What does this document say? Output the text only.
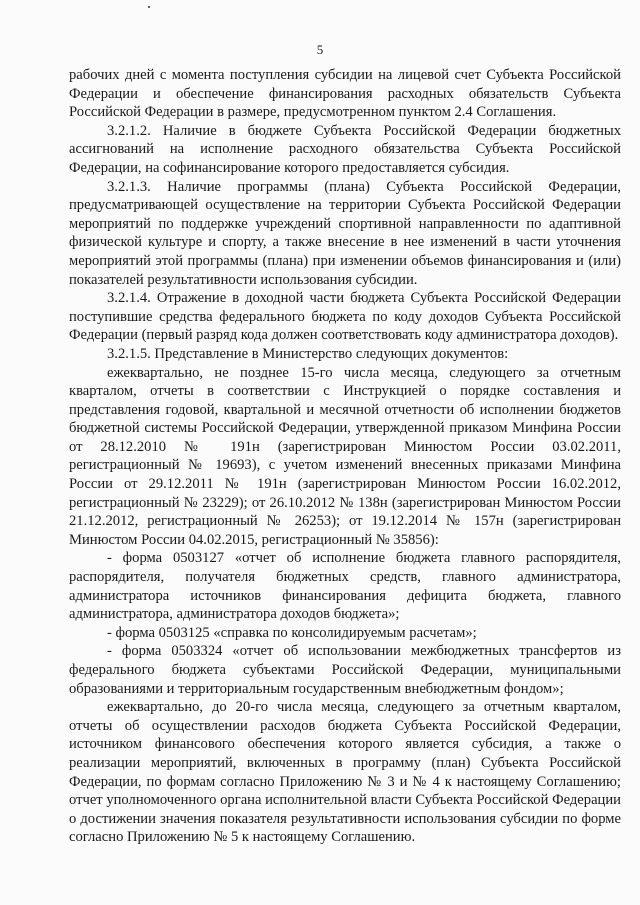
5

рабочих дней с момента поступления субсидии на лицевой счет Субъекта Российской Федерации и обеспечение финансирования расходных обязательств Субъекта Российской Федерации в размере, предусмотренном пунктом 2.4 Соглашения.

3.2.1.2. Наличие в бюджете Субъекта Российской Федерации бюджетных ассигнований на исполнение расходного обязательства Субъекта Российской Федерации, на софинансирование которого предоставляется субсидия.

3.2.1.3. Наличие программы (плана) Субъекта Российской Федерации, предусматривающей осуществление на территории Субъекта Российской Федерации мероприятий по поддержке учреждений спортивной направленности по адаптивной физической культуре и спорту, а также внесение в нее изменений в части уточнения мероприятий этой программы (плана) при изменении объемов финансирования и (или) показателей результативности использования субсидии.

3.2.1.4. Отражение в доходной части бюджета Субъекта Российской Федерации поступившие средства федерального бюджета по коду доходов Субъекта Российской Федерации (первый разряд кода должен соответствовать коду администратора доходов).

3.2.1.5. Представление в Министерство следующих документов:

ежеквартально, не позднее 15-го числа месяца, следующего за отчетным кварталом, отчеты в соответствии с Инструкцией о порядке составления и представления годовой, квартальной и месячной отчетности об исполнении бюджетов бюджетной системы Российской Федерации, утвержденной приказом Минфина России от 28.12.2010 № 191н (зарегистрирован Минюстом России 03.02.2011, регистрационный № 19693), с учетом изменений внесенных приказами Минфина России от 29.12.2011 № 191н (зарегистрирован Минюстом России 16.02.2012, регистрационный № 23229); от 26.10.2012 № 138н (зарегистрирован Минюстом России 21.12.2012, регистрационный № 26253); от 19.12.2014 № 157н (зарегистрирован Минюстом России 04.02.2015, регистрационный № 35856):

- форма 0503127 «отчет об исполнение бюджета главного распорядителя, распорядителя, получателя бюджетных средств, главного администратора, администратора источников финансирования дефицита бюджета, главного администратора, администратора доходов бюджета»;

- форма 0503125 «справка по консолидируемым расчетам»;

- форма 0503324 «отчет об использовании межбюджетных трансфертов из федерального бюджета субъектами Российской Федерации, муниципальными образованиями и территориальным государственным внебюджетным фондом»;

ежеквартально, до 20-го числа месяца, следующего за отчетным кварталом, отчеты об осуществлении расходов бюджета Субъекта Российской Федерации, источником финансового обеспечения которого является субсидия, а также о реализации мероприятий, включенных в программу (план) Субъекта Российской Федерации, по формам согласно Приложению № 3 и № 4 к настоящему Соглашению; отчет уполномоченного органа исполнительной власти Субъекта Российской Федерации о достижении значения показателя результативности использования субсидии по форме согласно Приложению № 5 к настоящему Соглашению.
